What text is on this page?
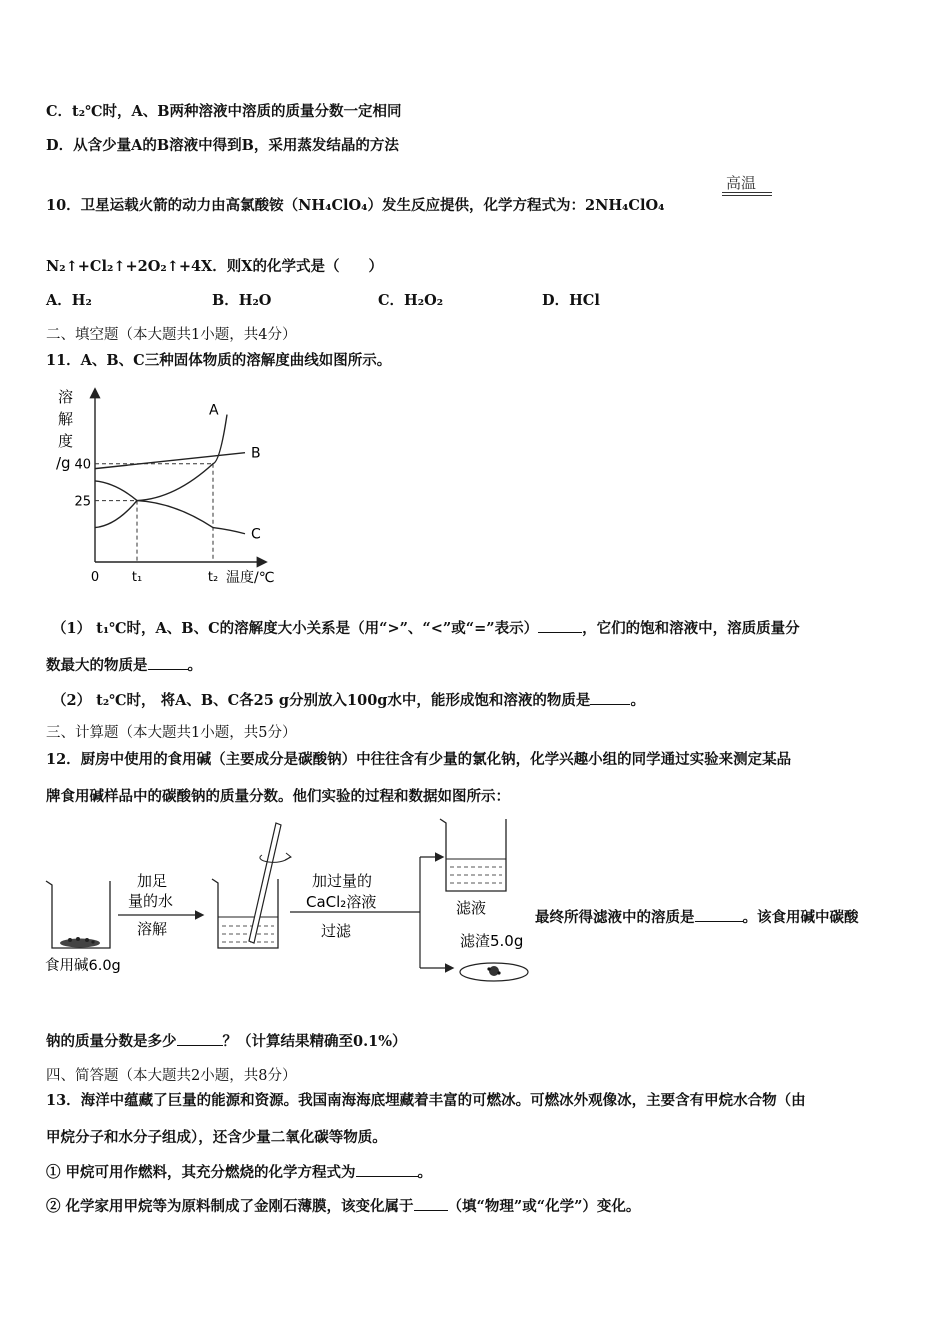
C．t₂℃时，A、B两种溶液中溶质的质量分数一定相同
D．从含少量A的B溶液中得到B，采用蒸发结晶的方法
10．卫星运载火箭的动力由高氯酸铵（NH₄ClO₄）发生反应提供，化学方程式为：2NH₄ClO₄
高温
N₂↑+Cl₂↑+2O₂↑+4X．则X的化学式是（　　）
A．H₂	B．H₂O	C．H₂O₂	D．HCl
二、填空题（本大题共1小题，共4分）
11．A、B、C三种固体物质的溶解度曲线如图所示。
溶
解
度
/g
0	温度/℃
t₁	t₂
25
40
A
B
C
（1） t₁℃时，A、B、C的溶解度大小关系是（用“>”、“<”或“=”表示）	，它们的饱和溶液中，溶质质量分
数最大的物质是	。
（2） t₂℃时， 将A、B、C各25 g分别放入100g水中，能形成饱和溶液的物质是	。
三、计算题（本大题共1小题，共5分）
12．厨房中使用的食用碱（主要成分是碳酸钠）中往往含有少量的氯化钠，化学兴趣小组的同学通过实验来测定某品
牌食用碱样品中的碳酸钠的质量分数。他们实验的过程和数据如图所示：
食用碱6.0g
加足
量的水
溶解
加过量的
CaCl₂溶液
过滤
滤液
滤渣5.0g
最终所得滤液中的溶质是	。该食用碱中碳酸
钠的质量分数是多少	？（计算结果精确至0.1%）
四、简答题（本大题共2小题，共8分）
13．海洋中蕴藏了巨量的能源和资源。我国南海海底埋藏着丰富的可燃冰。可燃冰外观像冰，主要含有甲烷水合物（由
甲烷分子和水分子组成），还含少量二氧化碳等物质。
① 甲烷可用作燃料，其充分燃烧的化学方程式为	。
② 化学家用甲烷等为原料制成了金刚石薄膜，该变化属于 （填“物理”或“化学”）变化。
